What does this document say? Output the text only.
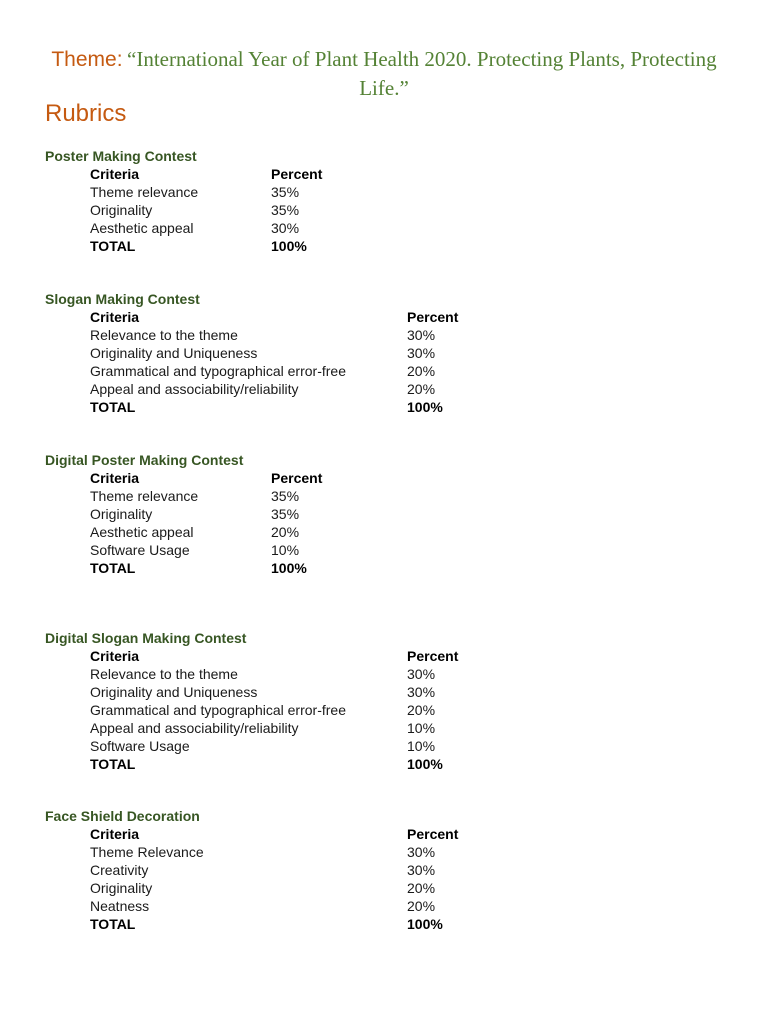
Theme: “International Year of Plant Health 2020. Protecting Plants, Protecting Life.”
Rubrics
Poster Making Contest
Criteria	Percent
Theme relevance	35%
Originality	35%
Aesthetic appeal	30%
TOTAL	100%
Slogan Making Contest
Criteria	Percent
Relevance to the theme	30%
Originality and Uniqueness	30%
Grammatical and typographical error-free	20%
Appeal and associability/reliability	20%
TOTAL	100%
Digital Poster Making Contest
Criteria	Percent
Theme relevance	35%
Originality	35%
Aesthetic appeal	20%
Software Usage	10%
TOTAL	100%
Digital Slogan Making Contest
Criteria	Percent
Relevance to the theme	30%
Originality and Uniqueness	30%
Grammatical and typographical error-free	20%
Appeal and associability/reliability	10%
Software Usage	10%
TOTAL	100%
Face Shield Decoration
Criteria	Percent
Theme Relevance	30%
Creativity	30%
Originality	20%
Neatness	20%
TOTAL	100%
